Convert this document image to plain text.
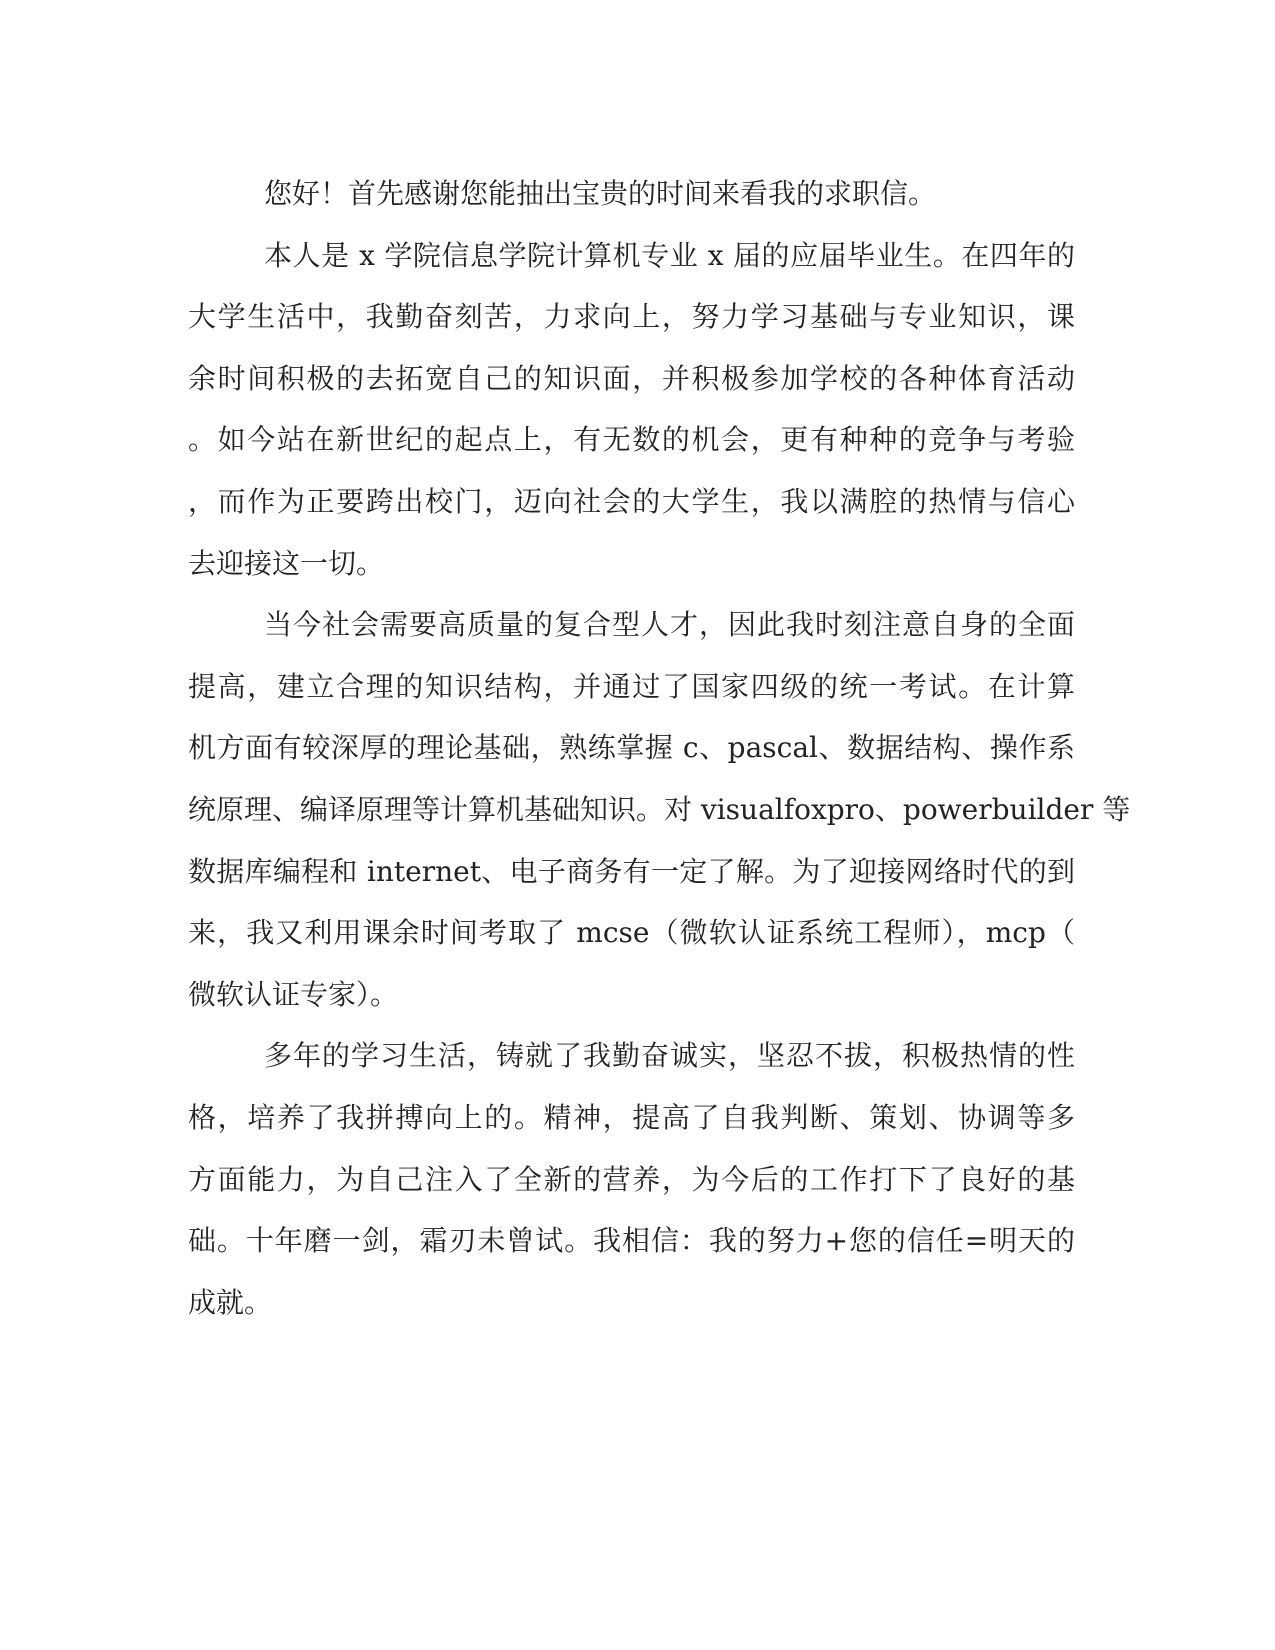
您好！首先感谢您能抽出宝贵的时间来看我的求职信。
本人是 x 学院信息学院计算机专业 x 届的应届毕业生。在四年的
大学生活中，我勤奋刻苦，力求向上，努力学习基础与专业知识，课
余时间积极的去拓宽自己的知识面，并积极参加学校的各种体育活动
。如今站在新世纪的起点上，有无数的机会，更有种种的竞争与考验
，而作为正要跨出校门，迈向社会的大学生，我以满腔的热情与信心
去迎接这一切。
当今社会需要高质量的复合型人才，因此我时刻注意自身的全面
提高，建立合理的知识结构，并通过了国家四级的统一考试。在计算
机方面有较深厚的理论基础，熟练掌握 c、pascal、数据结构、操作系
统原理、编译原理等计算机基础知识。对 visualfoxpro、powerbuilder 等
数据库编程和 internet、电子商务有一定了解。为了迎接网络时代的到
来，我又利用课余时间考取了 mcse（微软认证系统工程师），mcp（
微软认证专家）。
多年的学习生活，铸就了我勤奋诚实，坚忍不拔，积极热情的性
格，培养了我拼搏向上的。精神，提高了自我判断、策划、协调等多
方面能力，为自己注入了全新的营养，为今后的工作打下了良好的基
础。十年磨一剑，霜刃未曾试。我相信：我的努力+您的信任=明天的
成就。
